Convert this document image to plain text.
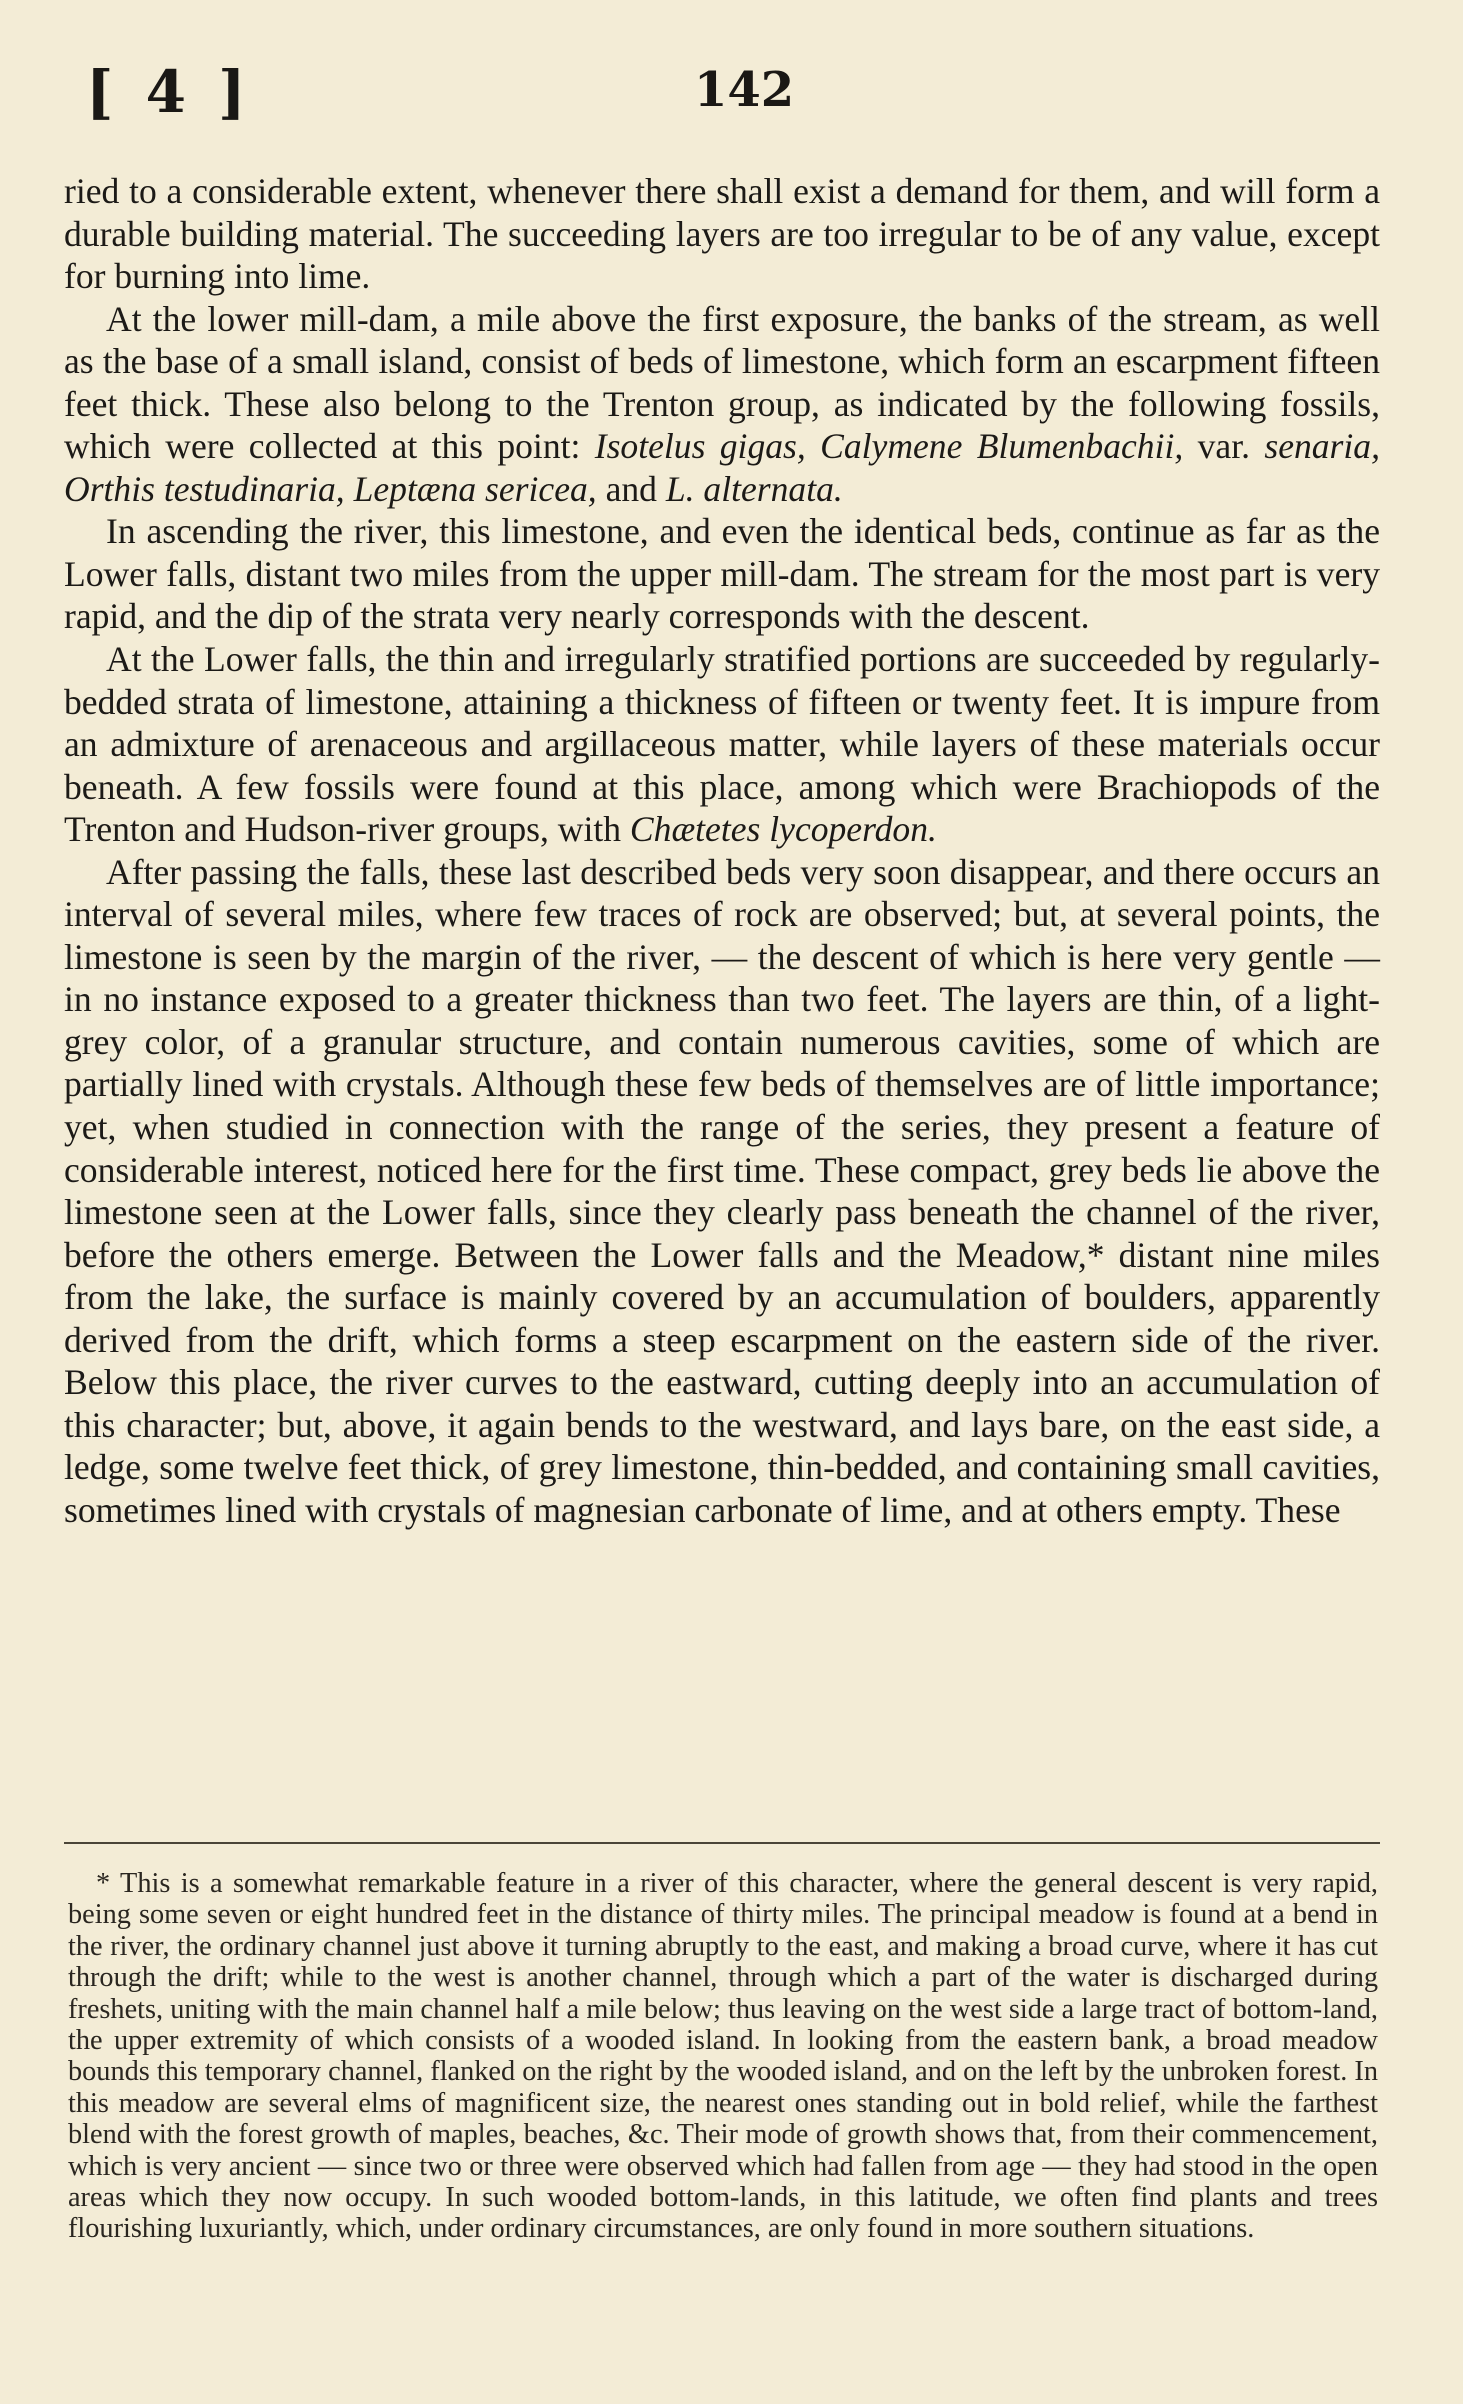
[ 4 ]	142

ried to a considerable extent, whenever there shall exist a demand for them, and will form a durable building material. The succeeding layers are too irregular to be of any value, except for burning into lime.

At the lower mill-dam, a mile above the first exposure, the banks of the stream, as well as the base of a small island, consist of beds of limestone, which form an escarpment fifteen feet thick. These also belong to the Trenton group, as indicated by the following fossils, which were collected at this point: Isotelus gigas, Calymene Blumenbachii, var. senaria, Orthis testudinaria, Leptæna sericea, and L. alternata.

In ascending the river, this limestone, and even the identical beds, continue as far as the Lower falls, distant two miles from the upper mill-dam. The stream for the most part is very rapid, and the dip of the strata very nearly corresponds with the descent.

At the Lower falls, the thin and irregularly stratified portions are succeeded by regularly-bedded strata of limestone, attaining a thickness of fifteen or twenty feet. It is impure from an admixture of arenaceous and argillaceous matter, while layers of these materials occur beneath. A few fossils were found at this place, among which were Brachiopods of the Trenton and Hudson-river groups, with Chætetes lycoperdon.

After passing the falls, these last described beds very soon disappear, and there occurs an interval of several miles, where few traces of rock are observed; but, at several points, the limestone is seen by the margin of the river, — the descent of which is here very gentle — in no instance exposed to a greater thickness than two feet. The layers are thin, of a light-grey color, of a granular structure, and contain numerous cavities, some of which are partially lined with crystals. Although these few beds of themselves are of little importance; yet, when studied in connection with the range of the series, they present a feature of considerable interest, noticed here for the first time. These compact, grey beds lie above the limestone seen at the Lower falls, since they clearly pass beneath the channel of the river, before the others emerge. Between the Lower falls and the Meadow,* distant nine miles from the lake, the surface is mainly covered by an accumulation of boulders, apparently derived from the drift, which forms a steep escarpment on the eastern side of the river. Below this place, the river curves to the eastward, cutting deeply into an accumulation of this character; but, above, it again bends to the westward, and lays bare, on the east side, a ledge, some twelve feet thick, of grey limestone, thin-bedded, and containing small cavities, sometimes lined with crystals of magnesian carbonate of lime, and at others empty. These

* This is a somewhat remarkable feature in a river of this character, where the general descent is very rapid, being some seven or eight hundred feet in the distance of thirty miles. The principal meadow is found at a bend in the river, the ordinary channel just above it turning abruptly to the east, and making a broad curve, where it has cut through the drift; while to the west is another channel, through which a part of the water is discharged during freshets, uniting with the main channel half a mile below; thus leaving on the west side a large tract of bottom-land, the upper extremity of which consists of a wooded island. In looking from the eastern bank, a broad meadow bounds this temporary channel, flanked on the right by the wooded island, and on the left by the unbroken forest. In this meadow are several elms of magnificent size, the nearest ones standing out in bold relief, while the farthest blend with the forest growth of maples, beaches, &c. Their mode of growth shows that, from their commencement, which is very ancient — since two or three were observed which had fallen from age — they had stood in the open areas which they now occupy. In such wooded bottom-lands, in this latitude, we often find plants and trees flourishing luxuriantly, which, under ordinary circumstances, are only found in more southern situations.
